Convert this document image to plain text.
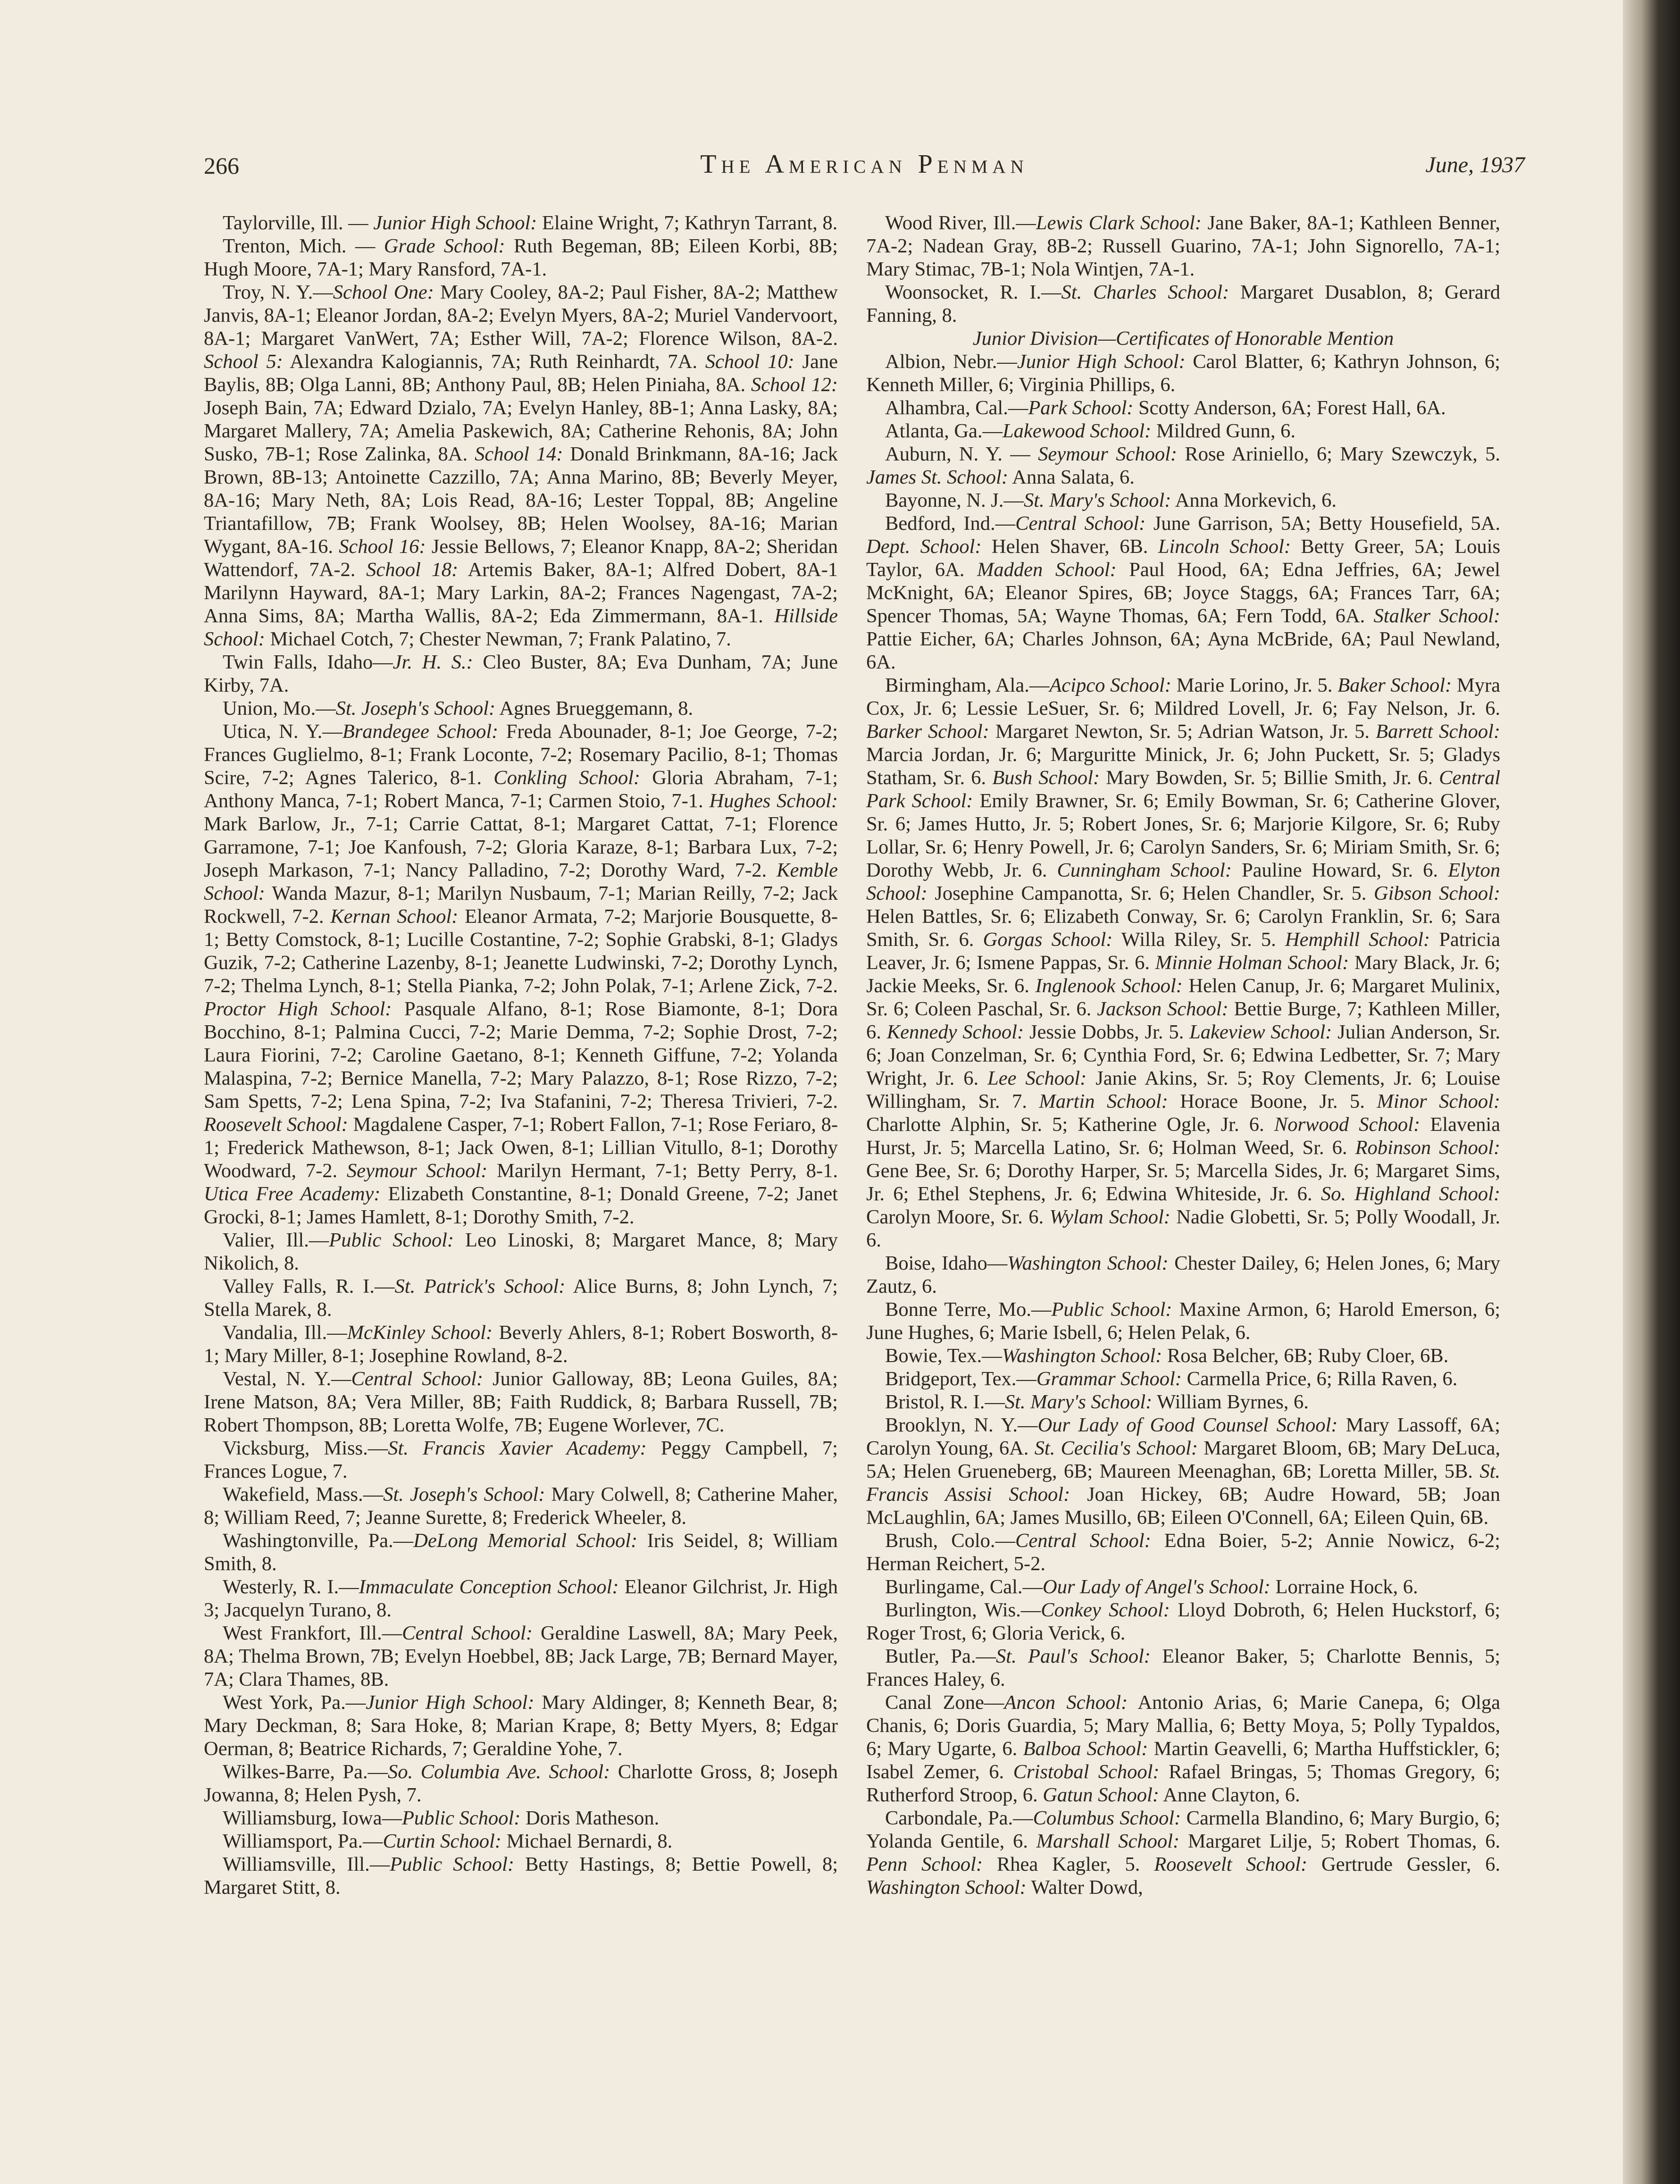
266	The American Penman	June, 1937

Taylorville, Ill. — Junior High School: Elaine Wright, 7; Kathryn Tarrant, 8.

Trenton, Mich. — Grade School: Ruth Begeman, 8B; Eileen Korbi, 8B; Hugh Moore, 7A-1; Mary Ransford, 7A-1.

Troy, N. Y.—School One: Mary Cooley, 8A-2; Paul Fisher, 8A-2; Matthew Janvis, 8A-1; Eleanor Jordan, 8A-2; Evelyn Myers, 8A-2; Muriel Vandervoort, 8A-1; Margaret VanWert, 7A; Esther Will, 7A-2; Florence Wilson, 8A-2. School 5: Alexandra Kalogiannis, 7A; Ruth Reinhardt, 7A. School 10: Jane Baylis, 8B; Olga Lanni, 8B; Anthony Paul, 8B; Helen Piniaha, 8A. School 12: Joseph Bain, 7A; Edward Dzialo, 7A; Evelyn Hanley, 8B-1; Anna Lasky, 8A; Margaret Mallery, 7A; Amelia Paskewich, 8A; Catherine Rehonis, 8A; John Susko, 7B-1; Rose Zalinka, 8A. School 14: Donald Brinkmann, 8A-16; Jack Brown, 8B-13; Antoinette Cazzillo, 7A; Anna Marino, 8B; Beverly Meyer, 8A-16; Mary Neth, 8A; Lois Read, 8A-16; Lester Toppal, 8B; Angeline Triantafillow, 7B; Frank Woolsey, 8B; Helen Woolsey, 8A-16; Marian Wygant, 8A-16. School 16: Jessie Bellows, 7; Eleanor Knapp, 8A-2; Sheridan Wattendorf, 7A-2. School 18: Artemis Baker, 8A-1; Alfred Dobert, 8A-1 Marilynn Hayward, 8A-1; Mary Larkin, 8A-2; Frances Nagengast, 7A-2; Anna Sims, 8A; Martha Wallis, 8A-2; Eda Zimmermann, 8A-1. Hillside School: Michael Cotch, 7; Chester Newman, 7; Frank Palatino, 7.

Twin Falls, Idaho—Jr. H. S.: Cleo Buster, 8A; Eva Dunham, 7A; June Kirby, 7A.

Union, Mo.—St. Joseph's School: Agnes Brueggemann, 8.

Utica, N. Y.—Brandegee School: Freda Abounader, 8-1; Joe George, 7-2; Frances Guglielmo, 8-1; Frank Loconte, 7-2; Rosemary Pacilio, 8-1; Thomas Scire, 7-2; Agnes Talerico, 8-1. Conkling School: Gloria Abraham, 7-1; Anthony Manca, 7-1; Robert Manca, 7-1; Carmen Stoio, 7-1. Hughes School: Mark Barlow, Jr., 7-1; Carrie Cattat, 8-1; Margaret Cattat, 7-1; Florence Garramone, 7-1; Joe Kanfoush, 7-2; Gloria Karaze, 8-1; Barbara Lux, 7-2; Joseph Markason, 7-1; Nancy Palladino, 7-2; Dorothy Ward, 7-2. Kemble School: Wanda Mazur, 8-1; Marilyn Nusbaum, 7-1; Marian Reilly, 7-2; Jack Rockwell, 7-2. Kernan School: Eleanor Armata, 7-2; Marjorie Bousquette, 8-1; Betty Comstock, 8-1; Lucille Costantine, 7-2; Sophie Grabski, 8-1; Gladys Guzik, 7-2; Catherine Lazenby, 8-1; Jeanette Ludwinski, 7-2; Dorothy Lynch, 7-2; Thelma Lynch, 8-1; Stella Pianka, 7-2; John Polak, 7-1; Arlene Zick, 7-2. Proctor High School: Pasquale Alfano, 8-1; Rose Biamonte, 8-1; Dora Bocchino, 8-1; Palmina Cucci, 7-2; Marie Demma, 7-2; Sophie Drost, 7-2; Laura Fiorini, 7-2; Caroline Gaetano, 8-1; Kenneth Giffune, 7-2; Yolanda Malaspina, 7-2; Bernice Manella, 7-2; Mary Palazzo, 8-1; Rose Rizzo, 7-2; Sam Spetts, 7-2; Lena Spina, 7-2; Iva Stafanini, 7-2; Theresa Trivieri, 7-2. Roosevelt School: Magdalene Casper, 7-1; Robert Fallon, 7-1; Rose Feriaro, 8-1; Frederick Mathewson, 8-1; Jack Owen, 8-1; Lillian Vitullo, 8-1; Dorothy Woodward, 7-2. Seymour School: Marilyn Hermant, 7-1; Betty Perry, 8-1. Utica Free Academy: Elizabeth Constantine, 8-1; Donald Greene, 7-2; Janet Grocki, 8-1; James Hamlett, 8-1; Dorothy Smith, 7-2.

Valier, Ill.—Public School: Leo Linoski, 8; Margaret Mance, 8; Mary Nikolich, 8.

Valley Falls, R. I.—St. Patrick's School: Alice Burns, 8; John Lynch, 7; Stella Marek, 8.

Vandalia, Ill.—McKinley School: Beverly Ahlers, 8-1; Robert Bosworth, 8-1; Mary Miller, 8-1; Josephine Rowland, 8-2.

Vestal, N. Y.—Central School: Junior Galloway, 8B; Leona Guiles, 8A; Irene Matson, 8A; Vera Miller, 8B; Faith Ruddick, 8; Barbara Russell, 7B; Robert Thompson, 8B; Loretta Wolfe, 7B; Eugene Worlever, 7C.

Vicksburg, Miss.—St. Francis Xavier Academy: Peggy Campbell, 7; Frances Logue, 7.

Wakefield, Mass.—St. Joseph's School: Mary Colwell, 8; Catherine Maher, 8; William Reed, 7; Jeanne Surette, 8; Frederick Wheeler, 8.

Washingtonville, Pa.—DeLong Memorial School: Iris Seidel, 8; William Smith, 8.

Westerly, R. I.—Immaculate Conception School: Eleanor Gilchrist, Jr. High 3; Jacquelyn Turano, 8.

West Frankfort, Ill.—Central School: Geraldine Laswell, 8A; Mary Peek, 8A; Thelma Brown, 7B; Evelyn Hoebbel, 8B; Jack Large, 7B; Bernard Mayer, 7A; Clara Thames, 8B.

West York, Pa.—Junior High School: Mary Aldinger, 8; Kenneth Bear, 8; Mary Deckman, 8; Sara Hoke, 8; Marian Krape, 8; Betty Myers, 8; Edgar Oerman, 8; Beatrice Richards, 7; Geraldine Yohe, 7.

Wilkes-Barre, Pa.—So. Columbia Ave. School: Charlotte Gross, 8; Joseph Jowanna, 8; Helen Pysh, 7.

Williamsburg, Iowa—Public School: Doris Matheson.

Williamsport, Pa.—Curtin School: Michael Bernardi, 8.

Williamsville, Ill.—Public School: Betty Hastings, 8; Bettie Powell, 8; Margaret Stitt, 8.

Wood River, Ill.—Lewis Clark School: Jane Baker, 8A-1; Kathleen Benner, 7A-2; Nadean Gray, 8B-2; Russell Guarino, 7A-1; John Signorello, 7A-1; Mary Stimac, 7B-1; Nola Wintjen, 7A-1.

Woonsocket, R. I.—St. Charles School: Margaret Dusablon, 8; Gerard Fanning, 8.

Junior Division—Certificates of Honorable Mention

Albion, Nebr.—Junior High School: Carol Blatter, 6; Kathryn Johnson, 6; Kenneth Miller, 6; Virginia Phillips, 6.

Alhambra, Cal.—Park School: Scotty Anderson, 6A; Forest Hall, 6A.

Atlanta, Ga.—Lakewood School: Mildred Gunn, 6.

Auburn, N. Y. — Seymour School: Rose Ariniello, 6; Mary Szewczyk, 5. James St. School: Anna Salata, 6.

Bayonne, N. J.—St. Mary's School: Anna Morkevich, 6.

Bedford, Ind.—Central School: June Garrison, 5A; Betty Housefield, 5A. Dept. School: Helen Shaver, 6B. Lincoln School: Betty Greer, 5A; Louis Taylor, 6A. Madden School: Paul Hood, 6A; Edna Jeffries, 6A; Jewel McKnight, 6A; Eleanor Spires, 6B; Joyce Staggs, 6A; Frances Tarr, 6A; Spencer Thomas, 5A; Wayne Thomas, 6A; Fern Todd, 6A. Stalker School: Pattie Eicher, 6A; Charles Johnson, 6A; Ayna McBride, 6A; Paul Newland, 6A.

Birmingham, Ala.—Acipco School: Marie Lorino, Jr. 5. Baker School: Myra Cox, Jr. 6; Lessie LeSuer, Sr. 6; Mildred Lovell, Jr. 6; Fay Nelson, Jr. 6. Barker School: Margaret Newton, Sr. 5; Adrian Watson, Jr. 5. Barrett School: Marcia Jordan, Jr. 6; Marguritte Minick, Jr. 6; John Puckett, Sr. 5; Gladys Statham, Sr. 6. Bush School: Mary Bowden, Sr. 5; Billie Smith, Jr. 6. Central Park School: Emily Brawner, Sr. 6; Emily Bowman, Sr. 6; Catherine Glover, Sr. 6; James Hutto, Jr. 5; Robert Jones, Sr. 6; Marjorie Kilgore, Sr. 6; Ruby Lollar, Sr. 6; Henry Powell, Jr. 6; Carolyn Sanders, Sr. 6; Miriam Smith, Sr. 6; Dorothy Webb, Jr. 6. Cunningham School: Pauline Howard, Sr. 6. Elyton School: Josephine Campanotta, Sr. 6; Helen Chandler, Sr. 5. Gibson School: Helen Battles, Sr. 6; Elizabeth Conway, Sr. 6; Carolyn Franklin, Sr. 6; Sara Smith, Sr. 6. Gorgas School: Willa Riley, Sr. 5. Hemphill School: Patricia Leaver, Jr. 6; Ismene Pappas, Sr. 6. Minnie Holman School: Mary Black, Jr. 6; Jackie Meeks, Sr. 6. Inglenook School: Helen Canup, Jr. 6; Margaret Mulinix, Sr. 6; Coleen Paschal, Sr. 6. Jackson School: Bettie Burge, 7; Kathleen Miller, 6. Kennedy School: Jessie Dobbs, Jr. 5. Lakeview School: Julian Anderson, Sr. 6; Joan Conzelman, Sr. 6; Cynthia Ford, Sr. 6; Edwina Ledbetter, Sr. 7; Mary Wright, Jr. 6. Lee School: Janie Akins, Sr. 5; Roy Clements, Jr. 6; Louise Willingham, Sr. 7. Martin School: Horace Boone, Jr. 5. Minor School: Charlotte Alphin, Sr. 5; Katherine Ogle, Jr. 6. Norwood School: Elavenia Hurst, Jr. 5; Marcella Latino, Sr. 6; Holman Weed, Sr. 6. Robinson School: Gene Bee, Sr. 6; Dorothy Harper, Sr. 5; Marcella Sides, Jr. 6; Margaret Sims, Jr. 6; Ethel Stephens, Jr. 6; Edwina Whiteside, Jr. 6. So. Highland School: Carolyn Moore, Sr. 6. Wylam School: Nadie Globetti, Sr. 5; Polly Woodall, Jr. 6.

Boise, Idaho—Washington School: Chester Dailey, 6; Helen Jones, 6; Mary Zautz, 6.

Bonne Terre, Mo.—Public School: Maxine Armon, 6; Harold Emerson, 6; June Hughes, 6; Marie Isbell, 6; Helen Pelak, 6.

Bowie, Tex.—Washington School: Rosa Belcher, 6B; Ruby Cloer, 6B.

Bridgeport, Tex.—Grammar School: Carmella Price, 6; Rilla Raven, 6.

Bristol, R. I.—St. Mary's School: William Byrnes, 6.

Brooklyn, N. Y.—Our Lady of Good Counsel School: Mary Lassoff, 6A; Carolyn Young, 6A. St. Cecilia's School: Margaret Bloom, 6B; Mary DeLuca, 5A; Helen Grueneberg, 6B; Maureen Meenaghan, 6B; Loretta Miller, 5B. St. Francis Assisi School: Joan Hickey, 6B; Audre Howard, 5B; Joan McLaughlin, 6A; James Musillo, 6B; Eileen O'Connell, 6A; Eileen Quin, 6B.

Brush, Colo.—Central School: Edna Boier, 5-2; Annie Nowicz, 6-2; Herman Reichert, 5-2.

Burlingame, Cal.—Our Lady of Angel's School: Lorraine Hock, 6.

Burlington, Wis.—Conkey School: Lloyd Dobroth, 6; Helen Huckstorf, 6; Roger Trost, 6; Gloria Verick, 6.

Butler, Pa.—St. Paul's School: Eleanor Baker, 5; Charlotte Bennis, 5; Frances Haley, 6.

Canal Zone—Ancon School: Antonio Arias, 6; Marie Canepa, 6; Olga Chanis, 6; Doris Guardia, 5; Mary Mallia, 6; Betty Moya, 5; Polly Typaldos, 6; Mary Ugarte, 6. Balboa School: Martin Geavelli, 6; Martha Huffstickler, 6; Isabel Zemer, 6. Cristobal School: Rafael Bringas, 5; Thomas Gregory, 6; Rutherford Stroop, 6. Gatun School: Anne Clayton, 6.

Carbondale, Pa.—Columbus School: Carmella Blandino, 6; Mary Burgio, 6; Yolanda Gentile, 6. Marshall School: Margaret Lilje, 5; Robert Thomas, 6. Penn School: Rhea Kagler, 5. Roosevelt School: Gertrude Gessler, 6. Washington School: Walter Dowd,
